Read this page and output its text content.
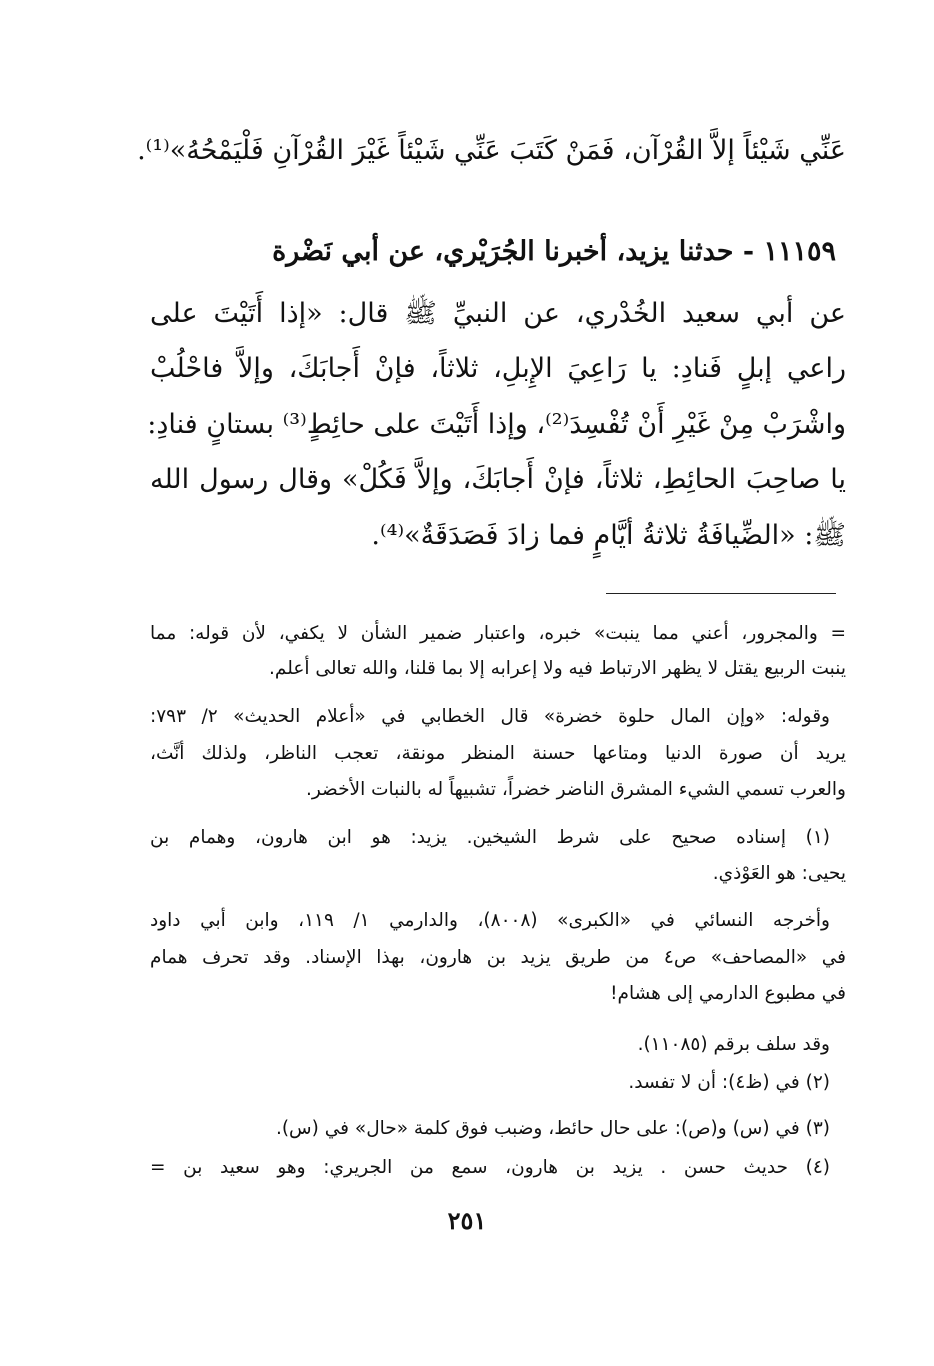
عَنِّي شَيْئاً إلاَّ القُرْآن، فَمَنْ كَتَبَ عَنِّي شَيْئاً غَيْرَ القُرْآنِ فَلْيَمْحُهُ»⁽¹⁾.
١١١٥٩ - حدثنا يزيد، أخبرنا الجُرَيْري، عن أبي نَضْرة
عن أبي سعيد الخُدْري، عن النبيِّ ﷺ قال: «إذا أَتَيْتَ على
راعي إبلٍ فَنادِ: يا رَاعِيَ الإِبلِ، ثلاثاً، فإنْ أَجابَكَ، وإلاَّ فاحْلُبْ
واشْرَبْ مِنْ غَيْرِ أَنْ تُفْسِدَ⁽²⁾، وإذا أَتَيْتَ على حائِطٍ⁽³⁾ بستانٍ فنادِ:
يا صاحِبَ الحائِطِ، ثلاثاً، فإنْ أَجابَكَ، وإلاَّ فَكُلْ» وقال رسول الله
ﷺ: «الضِّيافَةُ ثلاثةُ أيَّامٍ فما زادَ فَصَدَقَةٌ»⁽⁴⁾.
= والمجرور، أعني مما ينبت» خبره، واعتبار ضمير الشأن لا يكفي، لأن قوله: مما
ينبت الربيع يقتل لا يظهر الارتباط فيه ولا إعرابه إلا بما قلنا، والله تعالى أعلم.
وقوله: «وإن المال حلوة خضرة» قال الخطابي في «أعلام الحديث» ٢/ ٧٩٣:
يريد أن صورة الدنيا ومتاعها حسنة المنظر مونقة، تعجب الناظر، ولذلك أنَّث،
والعرب تسمي الشيء المشرق الناضر خضراً، تشبيهاً له بالنبات الأخضر.
(١) إسناده صحيح على شرط الشيخين. يزيد: هو ابن هارون، وهمام بن
يحيى: هو العَوْذي.
وأخرجه النسائي في «الكبرى» (٨٠٠٨)، والدارمي ١/ ١١٩، وابن أبي داود
في «المصاحف» ص٤ من طريق يزيد بن هارون، بهذا الإسناد. وقد تحرف همام
في مطبوع الدارمي إلى هشام!
وقد سلف برقم (١١٠٨٥).
(٢) في (ظ٤): أن لا تفسد.
(٣) في (س) و(ص): على حال حائط، وضبب فوق كلمة «حال» في (س).
(٤) حديث حسن . يزيد بن هارون، سمع من الجريري: وهو سعيد بن =
٢٥١
